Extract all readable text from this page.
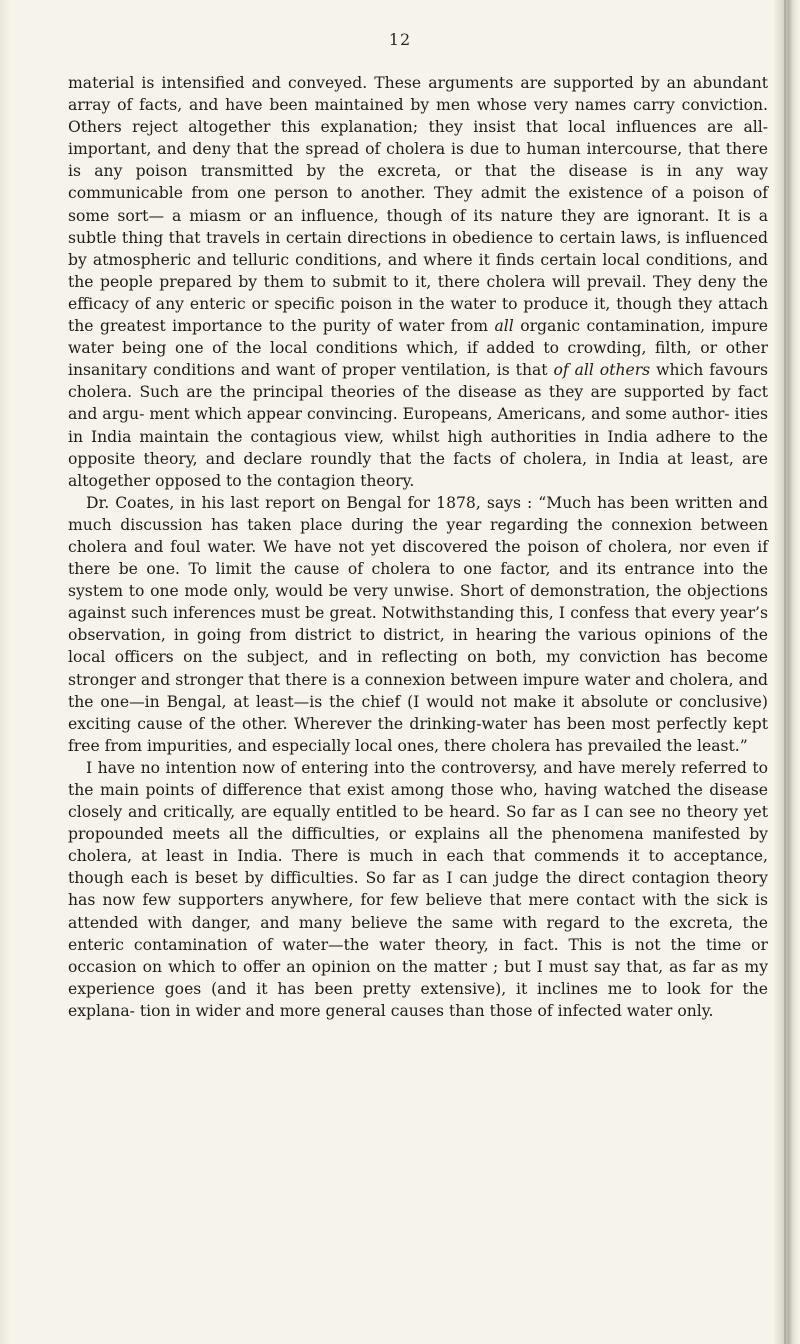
12

material is intensified and conveyed. These arguments are supported by an abundant array of facts, and have been maintained by men whose very names carry conviction. Others reject altogether this explanation; they insist that local influences are all-important, and deny that the spread of cholera is due to human intercourse, that there is any poison transmitted by the excreta, or that the disease is in any way communicable from one person to another. They admit the existence of a poison of some sort— a miasm or an influence, though of its nature they are ignorant. It is a subtle thing that travels in certain directions in obedience to certain laws, is influenced by atmospheric and telluric conditions, and where it finds certain local conditions, and the people prepared by them to submit to it, there cholera will prevail. They deny the efficacy of any enteric or specific poison in the water to produce it, though they attach the greatest importance to the purity of water from all organic contamination, impure water being one of the local conditions which, if added to crowding, filth, or other insanitary conditions and want of proper ventilation, is that of all others which favours cholera. Such are the principal theories of the disease as they are supported by fact and argu- ment which appear convincing. Europeans, Americans, and some author- ities in India maintain the contagious view, whilst high authorities in India adhere to the opposite theory, and declare roundly that the facts of cholera, in India at least, are altogether opposed to the contagion theory.

Dr. Coates, in his last report on Bengal for 1878, says : “Much has been written and much discussion has taken place during the year regarding the connexion between cholera and foul water. We have not yet discovered the poison of cholera, nor even if there be one. To limit the cause of cholera to one factor, and its entrance into the system to one mode only, would be very unwise. Short of demonstration, the objections against such inferences must be great. Notwithstanding this, I confess that every year’s observation, in going from district to district, in hearing the various opinions of the local officers on the subject, and in reflecting on both, my conviction has become stronger and stronger that there is a connexion between impure water and cholera, and the one—in Bengal, at least—is the chief (I would not make it absolute or conclusive) exciting cause of the other. Wherever the drinking-water has been most perfectly kept free from impurities, and especially local ones, there cholera has prevailed the least.”

I have no intention now of entering into the controversy, and have merely referred to the main points of difference that exist among those who, having watched the disease closely and critically, are equally entitled to be heard. So far as I can see no theory yet propounded meets all the difficulties, or explains all the phenomena manifested by cholera, at least in India. There is much in each that commends it to acceptance, though each is beset by difficulties. So far as I can judge the direct contagion theory has now few supporters anywhere, for few believe that mere contact with the sick is attended with danger, and many believe the same with regard to the excreta, the enteric contamination of water—the water theory, in fact. This is not the time or occasion on which to offer an opinion on the matter ; but I must say that, as far as my experience goes (and it has been pretty extensive), it inclines me to look for the explana- tion in wider and more general causes than those of infected water only.
